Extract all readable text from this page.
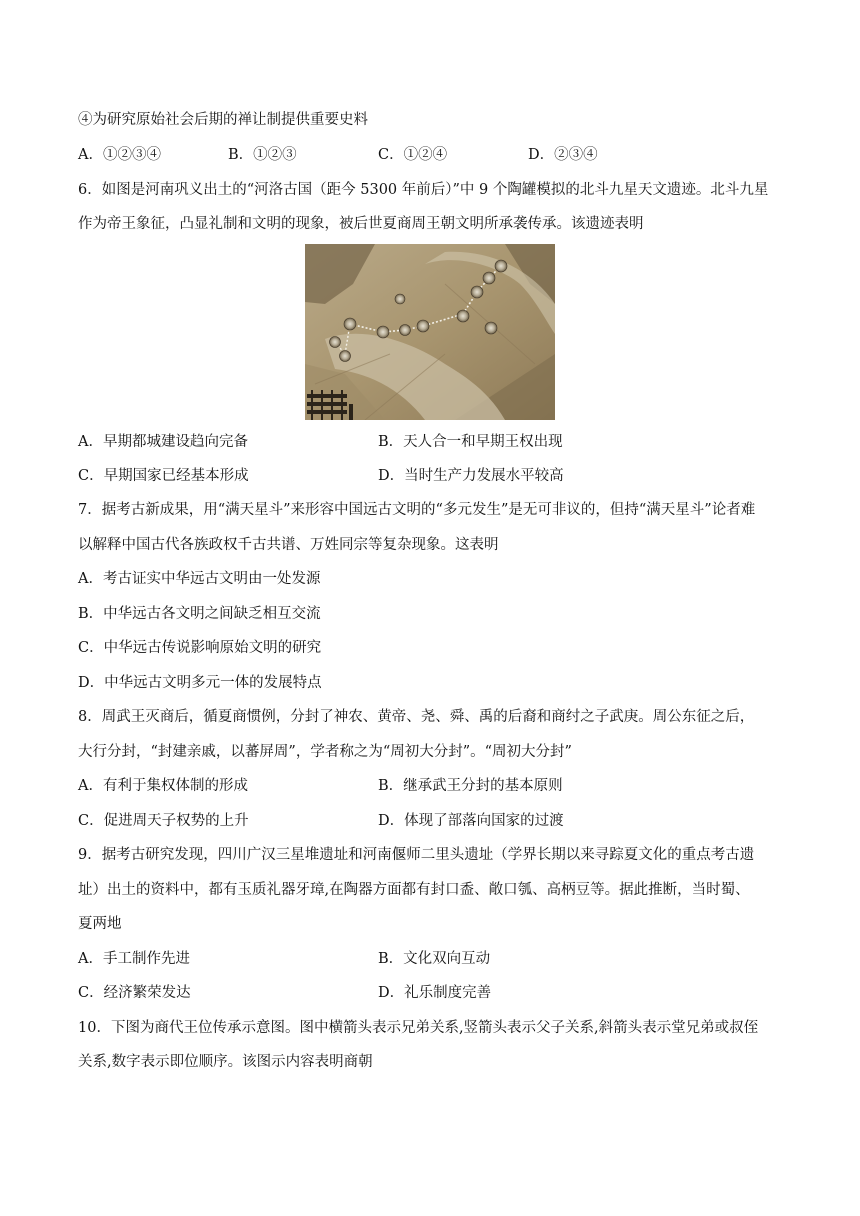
④为研究原始社会后期的禅让制提供重要史料
A．①②③④	B．①②③	C．①②④	D．②③④
6．如图是河南巩义出土的“河洛古国（距今 5300 年前后）”中 9 个陶罐模拟的北斗九星天文遗迹。北斗九星
作为帝王象征，凸显礼制和文明的现象，被后世夏商周王朝文明所承袭传承。该遗迹表明
A．早期都城建设趋向完备	B．天人合一和早期王权出现
C．早期国家已经基本形成	D．当时生产力发展水平较高
7．据考古新成果，用“满天星斗”来形容中国远古文明的“多元发生”是无可非议的，但持“满天星斗”论者难
以解释中国古代各族政权千古共谱、万姓同宗等复杂现象。这表明
A．考古证实中华远古文明由一处发源
B．中华远古各文明之间缺乏相互交流
C．中华远古传说影响原始文明的研究
D．中华远古文明多元一体的发展特点
8．周武王灭商后，循夏商惯例，分封了神农、黄帝、尧、舜、禹的后裔和商纣之子武庚。周公东征之后，
大行分封，“封建亲戚，以蕃屏周”，学者称之为“周初大分封”。“周初大分封”
A．有利于集权体制的形成	B．继承武王分封的基本原则
C．促进周天子权势的上升	D．体现了部落向国家的过渡
9．据考古研究发现，四川广汉三星堆遗址和河南偃师二里头遗址（学界长期以来寻踪夏文化的重点考古遗
址）出土的资料中，都有玉质礼器牙璋,在陶器方面都有封口盉、敞口瓠、高柄豆等。据此推断，当时蜀、
夏两地
A．手工制作先进	B．文化双向互动
C．经济繁荣发达	D．礼乐制度完善
10．下图为商代王位传承示意图。图中横箭头表示兄弟关系,竖箭头表示父子关系,斜箭头表示堂兄弟或叔侄
关系,数字表示即位顺序。该图示内容表明商朝
